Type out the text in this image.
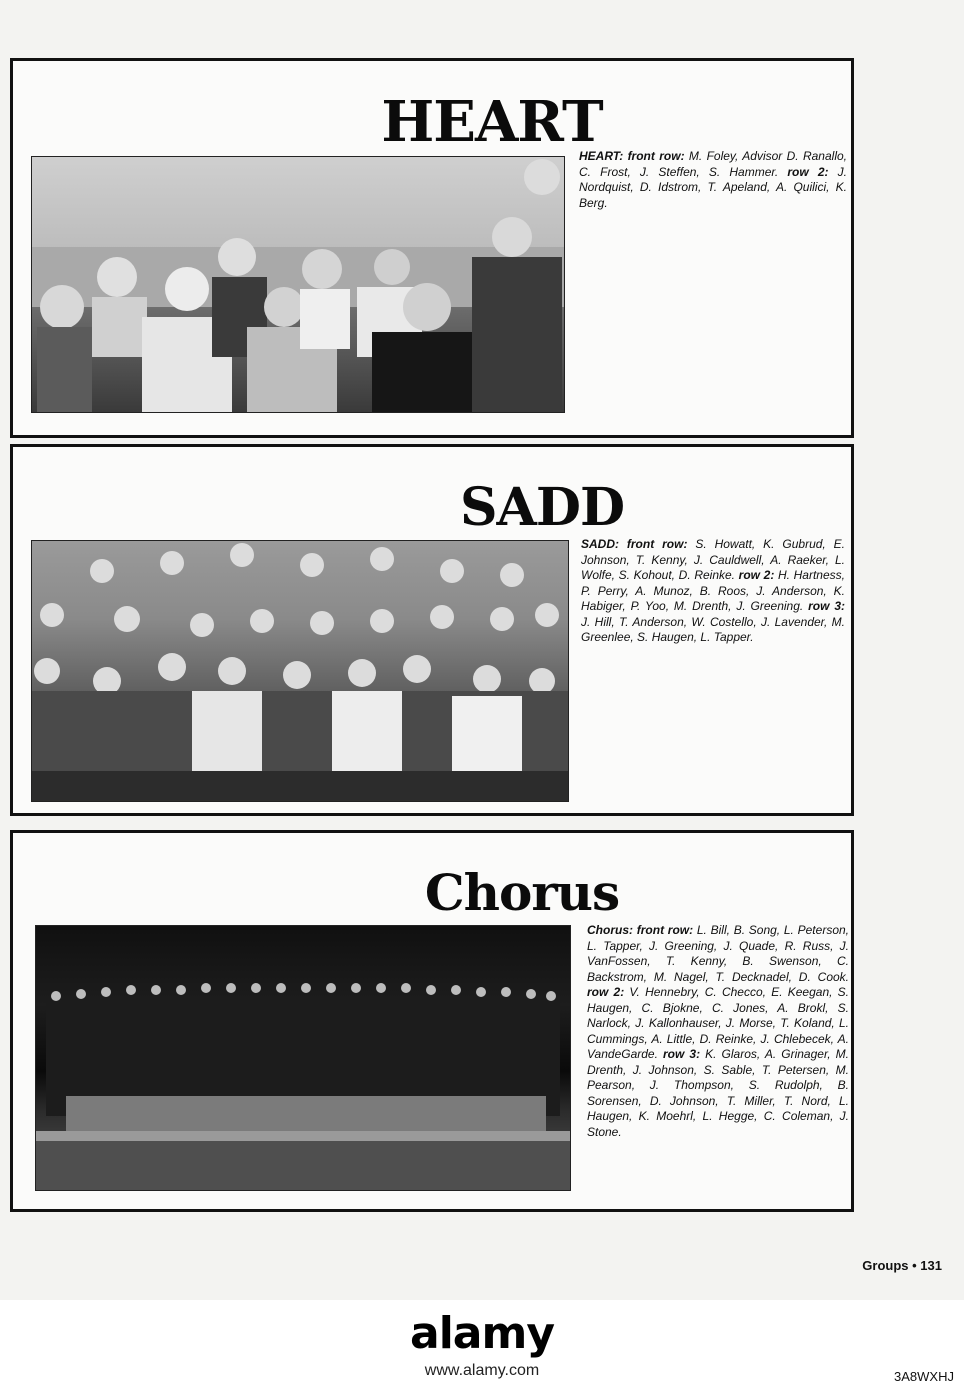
HEART
HEART: front row: M. Foley, Advisor D. Ranallo, C. Frost, J. Steffen, S. Hammer. row 2: J. Nordquist, D. Idstrom, T. Apeland, A. Quilici, K. Berg.
SADD
SADD: front row: S. Howatt, K. Gubrud, E. Johnson, T. Kenny, J. Cauldwell, A. Raeker, L. Wolfe, S. Kohout, D. Reinke. row 2: H. Hartness, P. Perry, A. Munoz, B. Roos, J. Anderson, K. Habiger, P. Yoo, M. Drenth, J. Greening. row 3: J. Hill, T. Anderson, W. Costello, J. Lavender, M. Greenlee, S. Haugen, L. Tapper.
Chorus
Chorus: front row: L. Bill, B. Song, L. Peterson, L. Tapper, J. Greening, J. Quade, R. Russ, J. VanFossen, T. Kenny, B. Swenson, C. Backstrom, M. Nagel, T. Decknadel, D. Cook. row 2: V. Hennebry, C. Checco, E. Keegan, S. Haugen, C. Bjokne, C. Jones, A. Brokl, S. Narlock, J. Kallonhauser, J. Morse, T. Koland, L. Cummings, A. Little, D. Reinke, J. Chlebecek, A. VandeGarde. row 3: K. Glaros, A. Grinager, M. Drenth, J. Johnson, S. Sable, T. Petersen, M. Pearson, J. Thompson, S. Rudolph, B. Sorensen, D. Johnson, T. Miller, T. Nord, L. Haugen, K. Moehrl, L. Hegge, C. Coleman, J. Stone.
Groups • 131
alamy
www.alamy.com	3A8WXHJ
